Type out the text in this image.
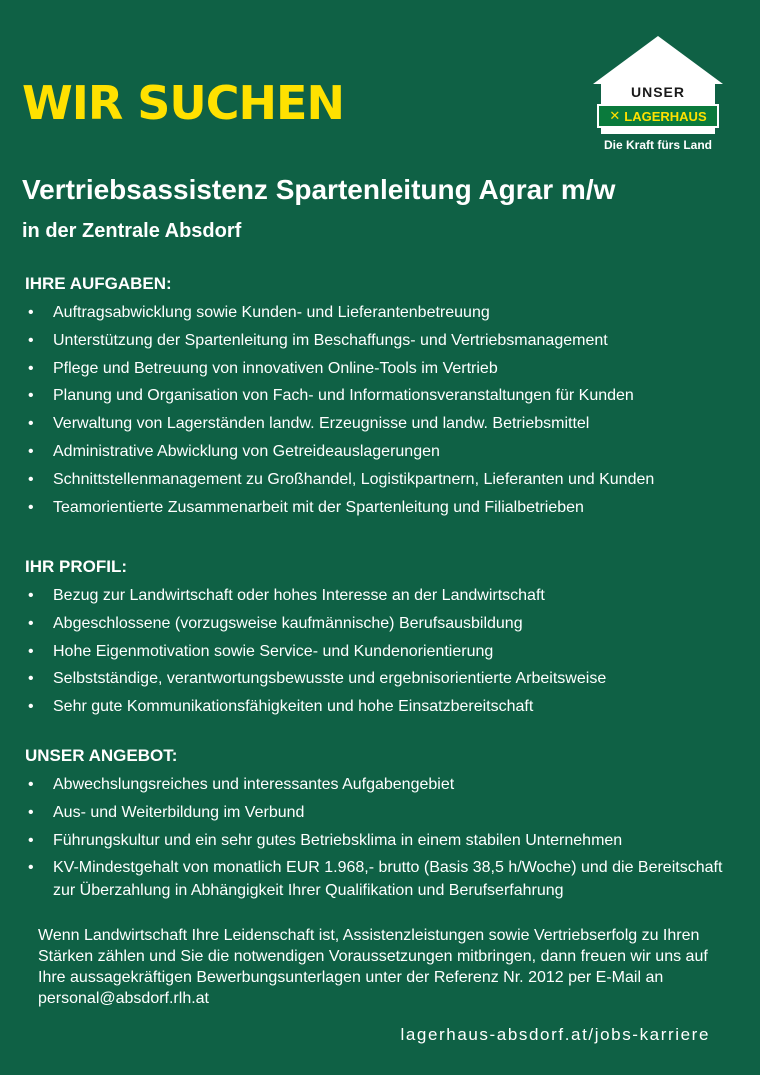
WIR SUCHEN	UNSER
✕ LAGERHAUS
Die Kraft fürs Land
Vertriebsassistenz Spartenleitung Agrar m/w

in der Zentrale Absdorf

IHRE AUFGABEN:
• Auftragsabwicklung sowie Kunden- und Lieferantenbetreuung
• Unterstützung der Spartenleitung im Beschaffungs- und Vertriebsmanagement
• Pflege und Betreuung von innovativen Online-Tools im Vertrieb
• Planung und Organisation von Fach- und Informationsveranstaltungen für Kunden
• Verwaltung von Lagerständen landw. Erzeugnisse und landw. Betriebsmittel
• Administrative Abwicklung von Getreideauslagerungen
• Schnittstellenmanagement zu Großhandel, Logistikpartnern, Lieferanten und Kunden
• Teamorientierte Zusammenarbeit mit der Spartenleitung und Filialbetrieben
IHR PROFIL:
• Bezug zur Landwirtschaft oder hohes Interesse an der Landwirtschaft
• Abgeschlossene (vorzugsweise kaufmännische) Berufsausbildung
• Hohe Eigenmotivation sowie Service- und Kundenorientierung
• Selbstständige, verantwortungsbewusste und ergebnisorientierte Arbeitsweise
• Sehr gute Kommunikationsfähigkeiten und hohe Einsatzbereitschaft
UNSER ANGEBOT:
• Abwechslungsreiches und interessantes Aufgabengebiet
• Aus- und Weiterbildung im Verbund
• Führungskultur und ein sehr gutes Betriebsklima in einem stabilen Unternehmen
• KV-Mindestgehalt von monatlich EUR 1.968,- brutto (Basis 38,5 h/Woche) und die Bereitschaft zur Überzahlung in Abhängigkeit Ihrer Qualifikation und Berufserfahrung

Wenn Landwirtschaft Ihre Leidenschaft ist, Assistenzleistungen sowie Vertriebserfolg zu Ihren Stärken zählen und Sie die notwendigen Voraussetzungen mitbringen, dann freuen wir uns auf Ihre aussagekräftigen Bewerbungsunterlagen unter der Referenz Nr. 2012 per E-Mail an personal@absdorf.rlh.at

lagerhaus-absdorf.at/jobs-karriere
